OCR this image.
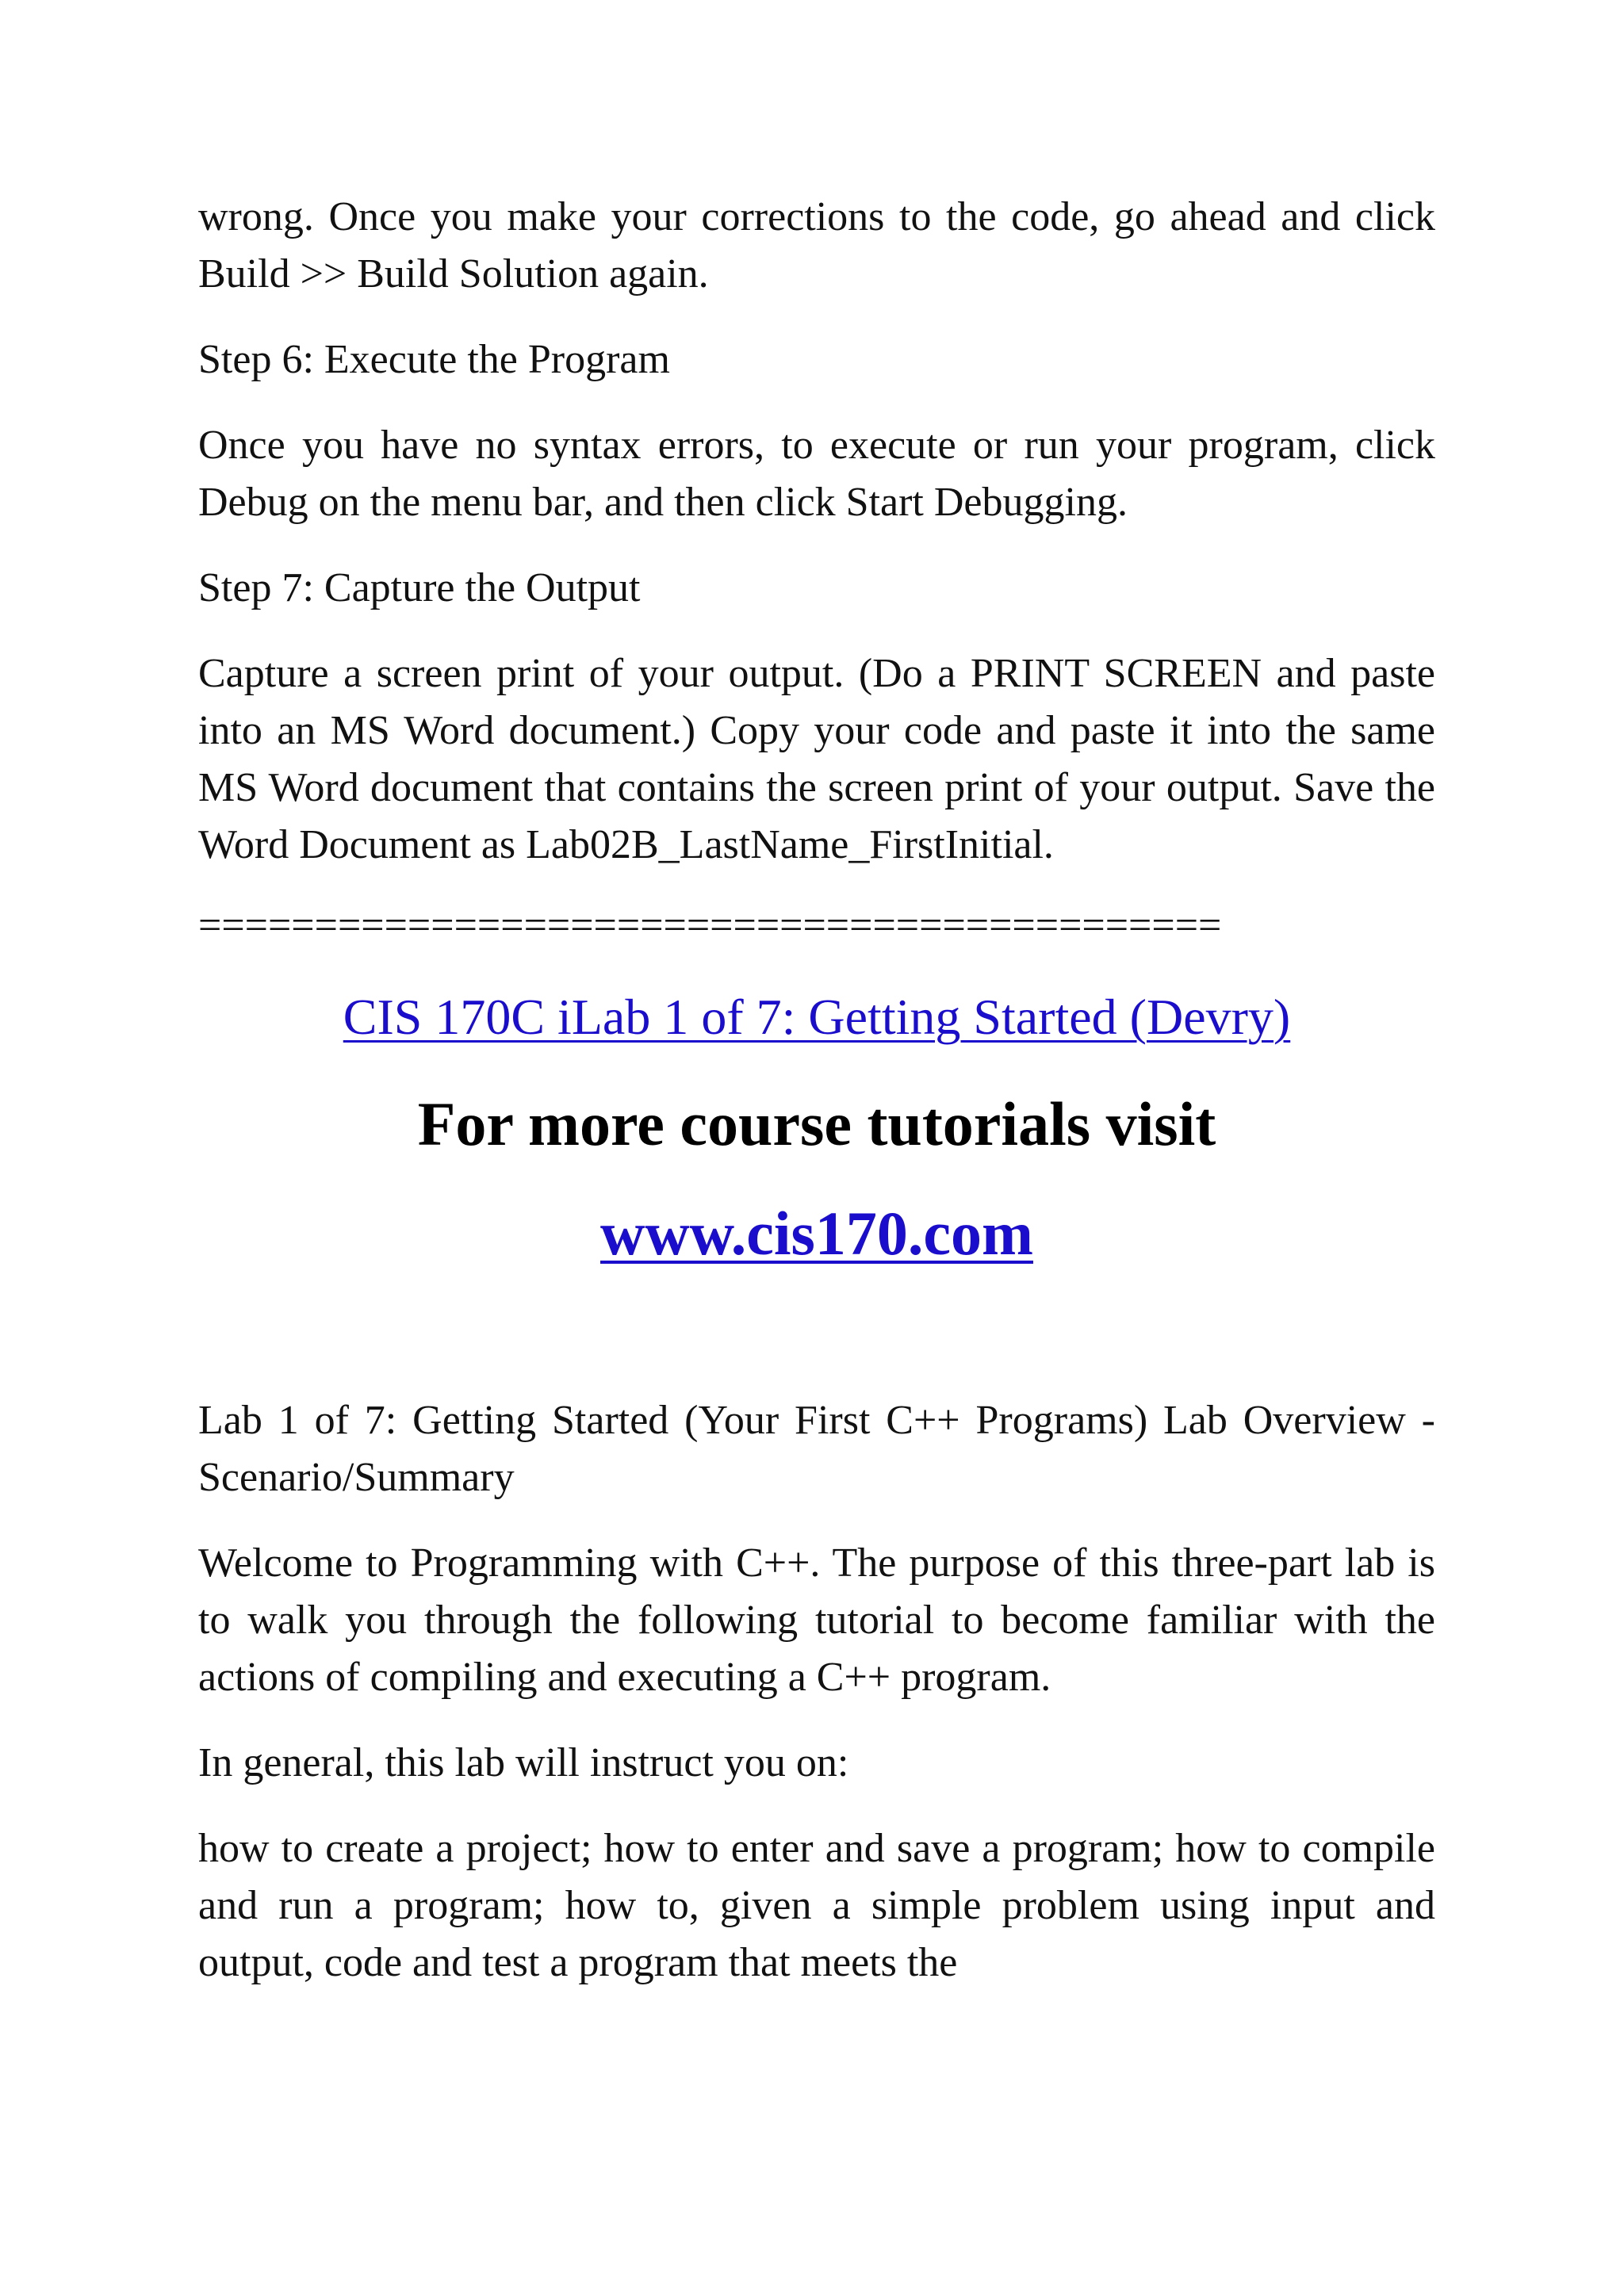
wrong. Once you make your corrections to the code, go ahead and click Build >> Build Solution again.

Step 6: Execute the Program

Once you have no syntax errors, to execute or run your program, click Debug on the menu bar, and then click Start Debugging.

Step 7: Capture the Output

Capture a screen print of your output. (Do a PRINT SCREEN and paste into an MS Word document.) Copy your code and paste it into the same MS Word document that contains the screen print of your output. Save the Word Document as Lab02B_LastName_FirstInitial.

============================================

CIS 170C iLab 1 of 7: Getting Started (Devry)
For more course tutorials visit
www.cis170.com

Lab 1 of 7: Getting Started (Your First C++ Programs) Lab Overview - Scenario/Summary

Welcome to Programming with C++. The purpose of this three-part lab is to walk you through the following tutorial to become familiar with the actions of compiling and executing a C++ program.

In general, this lab will instruct you on:

how to create a project; how to enter and save a program; how to compile and run a program; how to, given a simple problem using input and output, code and test a program that meets the
